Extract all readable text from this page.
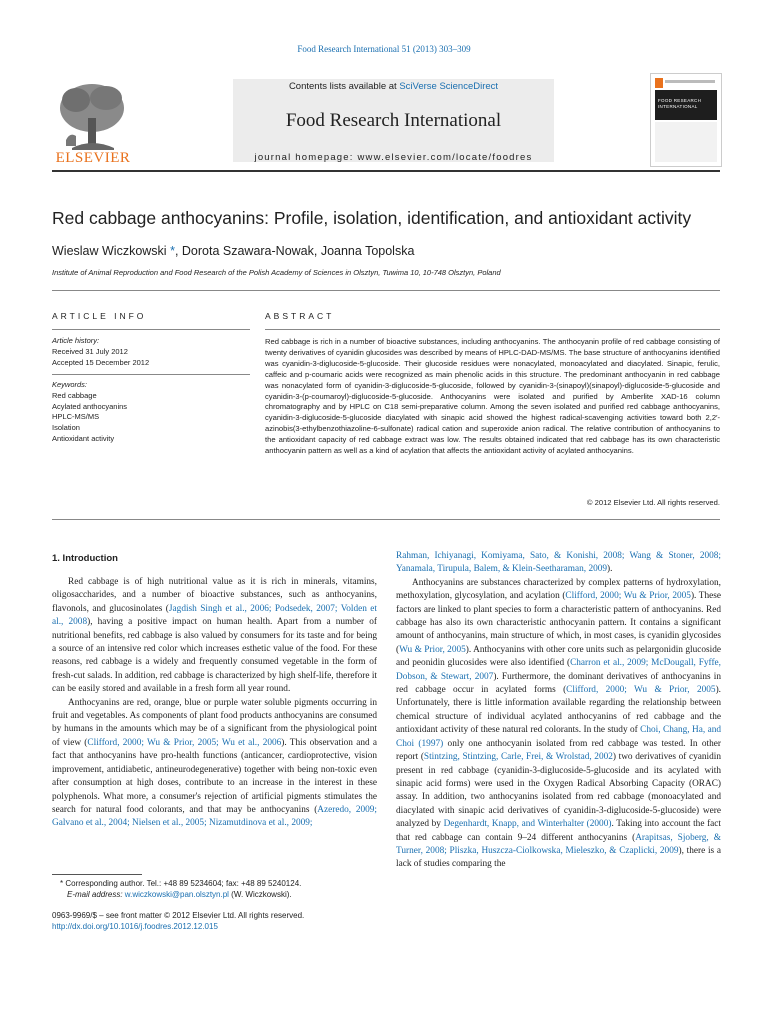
Food Research International 51 (2013) 303–309
ELSEVIER
Contents lists available at SciVerse ScienceDirect
Food Research International
journal homepage: www.elsevier.com/locate/foodres
FOOD RESEARCH INTERNATIONAL
Red cabbage anthocyanins: Profile, isolation, identification, and antioxidant activity
Wieslaw Wiczkowski *, Dorota Szawara-Nowak, Joanna Topolska
Institute of Animal Reproduction and Food Research of the Polish Academy of Sciences in Olsztyn, Tuwima 10, 10-748 Olsztyn, Poland
ARTICLE INFO
Article history:
Received 31 July 2012
Accepted 15 December 2012
Keywords:
Red cabbage
Acylated anthocyanins
HPLC-MS/MS
Isolation
Antioxidant activity
ABSTRACT
Red cabbage is rich in a number of bioactive substances, including anthocyanins. The anthocyanin profile of red cabbage consisting of twenty derivatives of cyanidin glucosides was described by means of HPLC-DAD-MS/MS. The base structure of anthocyanins identified was cyanidin-3-diglucoside-5-glucoside. Their glucoside residues were nonacylated, monoacylated and diacylated. Sinapic, ferulic, caffeic and p-coumaric acids were recognized as main phenolic acids in this structure. The predominant anthocyanin in red cabbage was nonacylated form of cyanidin-3-diglucoside-5-glucoside, followed by cyanidin-3-(sinapoyl)(sinapoyl)-diglucoside-5-glucoside and cyanidin-3-(p-coumaroyl)-diglucoside-5-glucoside. Anthocyanins were isolated and purified by Amberlite XAD-16 column chromatography and by HPLC on C18 semi-preparative column. Among the seven isolated and purified red cabbage anthocyanins, cyanidin-3-diglucoside-5-glucoside diacylated with sinapic acid showed the highest radical-scavenging activities toward both 2,2′-azinobis(3-ethylbenzothiazoline-6-sulfonate) radical cation and superoxide anion radical. The relative contribution of anthocyanins to the antioxidant capacity of red cabbage extract was low. The results obtained indicated that red cabbage has its own characteristic anthocyanin pattern as well as a kind of acylation that affects the antioxidant activity of acylated anthocyanins.
© 2012 Elsevier Ltd. All rights reserved.
1. Introduction

Red cabbage is of high nutritional value as it is rich in minerals, vitamins, oligosaccharides, and a number of bioactive substances, such as anthocyanins, flavonols, and glucosinolates (Jagdish Singh et al., 2006; Podsedek, 2007; Volden et al., 2008), having a positive impact on human health. Apart from a number of nutritional benefits, red cabbage is also valued by consumers for its taste and for being a source of an intensive red color which increases esthetic value of the food. For these reasons, red cabbage is a widely and frequently consumed vegetable in the form of fresh-cut salads. In addition, red cabbage is characterized by high shelf-life, therefore it can be easily stored and available in a fresh form all year round.

Anthocyanins are red, orange, blue or purple water soluble pigments occurring in fruit and vegetables. As components of plant food products anthocyanins are consumed by humans in the amounts which may be of a significant from the physiological point of view (Clifford, 2000; Wu & Prior, 2005; Wu et al., 2006). This observation and a fact that anthocyanins have pro-health functions (anticancer, cardioprotective, vision improvement, antidiabetic, antineurodegenerative) together with being non-toxic even after consumption at high doses, contribute to an increase in the interest in these polyphenols. What more, a consumer's rejection of artificial pigments stimulates the search for natural food colorants, and that may be anthocyanins (Azeredo, 2009; Galvano et al., 2004; Nielsen et al., 2005; Nizamutdinova et al., 2009;

Rahman, Ichiyanagi, Komiyama, Sato, & Konishi, 2008; Wang & Stoner, 2008; Yanamala, Tirupula, Balem, & Klein-Seetharaman, 2009).

Anthocyanins are substances characterized by complex patterns of hydroxylation, methoxylation, glycosylation, and acylation (Clifford, 2000; Wu & Prior, 2005). These factors are linked to plant species to form a characteristic pattern of anthocyanins. Red cabbage has also its own characteristic anthocyanin pattern. It contains a significant amount of anthocyanins, main structure of which, in most cases, is cyanidin glycosides (Wu & Prior, 2005). Anthocyanins with other core units such as pelargonidin glucoside and peonidin glucosides were also identified (Charron et al., 2009; McDougall, Fyffe, Dobson, & Stewart, 2007). Furthermore, the dominant derivatives of anthocyanins in red cabbage occur in acylated forms (Clifford, 2000; Wu & Prior, 2005). Unfortunately, there is little information available regarding the relationship between chemical structure of individual acylated anthocyanins of red cabbage and the antioxidant activity of these natural red colorants. In the study of Choi, Chang, Ha, and Choi (1997) only one anthocyanin isolated from red cabbage was tested. In other report (Stintzing, Stintzing, Carle, Frei, & Wrolstad, 2002) two derivatives of cyanidin present in red cabbage (cyanidin-3-diglucoside-5-glucoside and its acylated with sinapic acid forms) were used in the Oxygen Radical Absorbing Capacity (ORAC) assay. In addition, two anthocyanins isolated from red cabbage (monoacylated and diacylated with sinapic acid derivatives of cyanidin-3-diglucoside-5-glucoside) were analyzed by Degenhardt, Knapp, and Winterhalter (2000). Taking into account the fact that red cabbage can contain 9–24 different anthocyanins (Arapitsas, Sjoberg, & Turner, 2008; Pliszka, Huszcza-Ciolkowska, Mieleszko, & Czaplicki, 2009), there is a lack of studies comparing the

* Corresponding author. Tel.: +48 89 5234604; fax: +48 89 5240124.
E-mail address: w.wiczkowski@pan.olsztyn.pl (W. Wiczkowski).
0963-9969/$ – see front matter © 2012 Elsevier Ltd. All rights reserved.
http://dx.doi.org/10.1016/j.foodres.2012.12.015
